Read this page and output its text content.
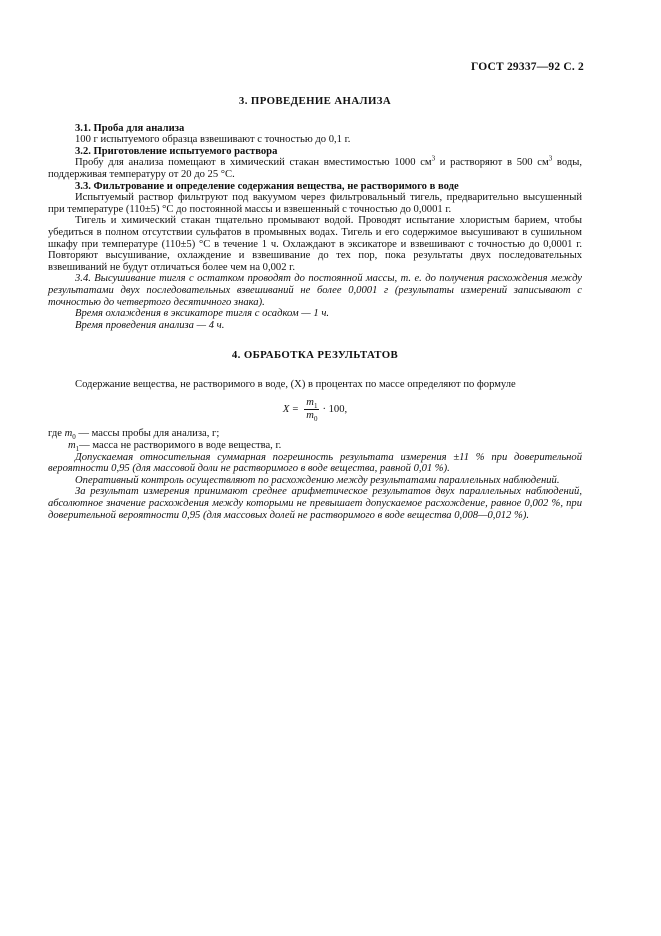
ГОСТ 29337—92 С. 2
3. ПРОВЕДЕНИЕ АНАЛИЗА

3.1. Проба для анализа

100 г испытуемого образца взвешивают с точностью до 0,1 г.

3.2. Приготовление испытуемого раствора

Пробу для анализа помещают в химический стакан вместимостью 1000 $см^3$ и растворяют в 500 $см^3$ воды, поддерживая температуру от 20 до 25 °С.

3.3. Фильтрование и определение содержания вещества, не растворимого в воде

Испытуемый раствор фильтруют под вакуумом через фильтровальный тигель, предварительно высушенный при температуре (110±5) °С до постоянной массы и взвешенный с точностью до 0,0001 г.

Тигель и химический стакан тщательно промывают водой. Проводят испытание хлористым барием, чтобы убедиться в полном отсутствии сульфатов в промывных водах. Тигель и его содержимое высушивают в сушильном шкафу при температуре (110±5) °С в течение 1 ч. Охлаждают в эксикаторе и взвешивают с точностью до 0,0001 г. Повторяют высушивание, охлаждение и взвешивание до тех пор, пока результаты двух последовательных взвешиваний не будут отличаться более чем на 0,002 г.

3.4. Высушивание тигля с остатком проводят до постоянной массы, т. е. до получения расхождения между результатами двух последовательных взвешиваний не более 0,0001 г (результаты измерений записывают с точностью до четвертого десятичного знака).

Время охлаждения в эксикаторе тигля с осадком — 1 ч.

Время проведения анализа — 4 ч.

4. ОБРАБОТКА РЕЗУЛЬТАТОВ

Содержание вещества, не растворимого в воде, (X) в процентах по массе определяют по формуле

$X = \frac{m_1}{m_0} \cdot 100$,

где $m_0$ — массы пробы для анализа, г;

$m_1—$ масса не растворимого в воде вещества, г.

Допускаемая относительная суммарная погрешность результата измерения ±11 % при доверительной вероятности 0,95 (для массовой доли не растворимого в воде вещества, равной 0,01 %).

Оперативный контроль осуществляют по расхождению между результатами параллельных наблюдений.

За результат измерения принимают среднее арифметическое результатов двух параллельных наблюдений, абсолютное значение расхождения между которыми не превышает допускаемое расхождение, равное 0,002 %, при доверительной вероятности 0,95 (для массовых долей не растворимого в воде вещества 0,008—0,012 %).
